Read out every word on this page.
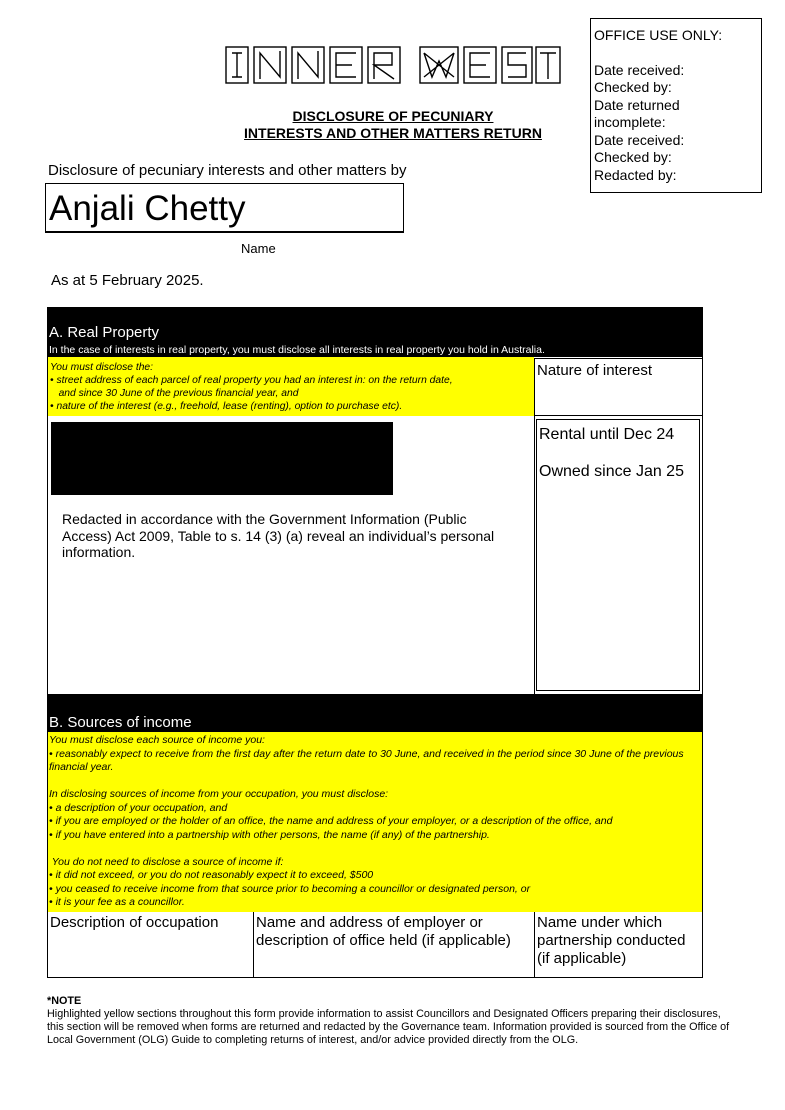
OFFICE USE ONLY:
Date received:
Checked by:
Date returned
incomplete:
Date received:
Checked by:
Redacted by:
INNER WEST
DISCLOSURE OF PECUNIARY
INTERESTS AND OTHER MATTERS RETURN
Disclosure of pecuniary interests and other matters by
Anjali Chetty
Name
As at 5 February 2025.
A. Real Property
In the case of interests in real property, you must disclose all interests in real property you hold in Australia.
You must disclose the:
• street address of each parcel of real property you had an interest in: on the return date,
and since 30 June of the previous financial year, and
• nature of the interest (e.g., freehold, lease (renting), option to purchase etc).
Nature of interest
Redacted in accordance with the Government Information (Public Access) Act 2009, Table to s. 14 (3) (a) reveal an individual’s personal information.
Rental until Dec 24
Owned since Jan 25
B. Sources of income

You must disclose each source of income you:

• reasonably expect to receive from the first day after the return date to 30 June, and received in the period since 30 June of the previous financial year.

In disclosing sources of income from your occupation, you must disclose:

• a description of your occupation, and

• if you are employed or the holder of an office, the name and address of your employer, or a description of the office, and

• if you have entered into a partnership with other persons, the name (if any) of the partnership.

You do not need to disclose a source of income if:

• it did not exceed, or you do not reasonably expect it to exceed, $500

• you ceased to receive income from that source prior to becoming a councillor or designated person, or

• it is your fee as a councillor.

Description of occupation	Name and address of employer or description of office held (if applicable)
Name under which partnership conducted (if applicable)
*NOTE
Highlighted yellow sections throughout this form provide information to assist Councillors and Designated Officers preparing their disclosures, this section will be removed when forms are returned and redacted by the Governance team. Information provided is sourced from the Office of Local Government (OLG) Guide to completing returns of interest, and/or advice provided directly from the OLG.
